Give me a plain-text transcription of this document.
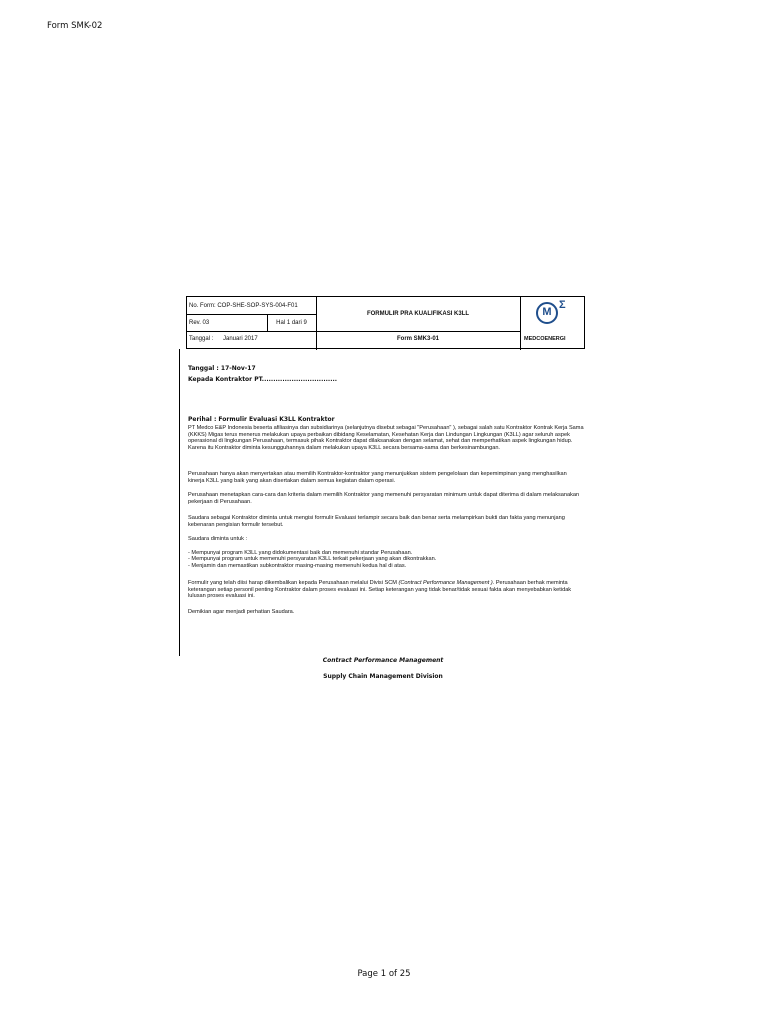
Form SMK-02
No. Form: COP-SHE-SOP-SYS-004-F01
FORMULIR PRA KUALIFIKASI K3LL
Rev. 03	Hal 1 dari 9
Tanggal : Januari 2017	Form SMK3-01
M
Σ
MEDCOENERGI
Tanggal : 17-Nov-17
Kepada Kontraktor PT.................................
Perihal : Formulir Evaluasi K3LL Kontraktor
PT Medco E&P Indonesia beserta afiliasinya dan subsidiarinya (selanjutnya disebut sebagai "Perusahaan" ), sebagai salah satu Kontraktor Kontrak Kerja Sama (KKKS) Migas terus menerus melakukan upaya perbaikan dibidang Keselamatan, Kesehatan Kerja dan Lindungan Lingkungan (K3LL) agar seluruh aspek operasional di lingkungan Perusahaan, termasuk pihak Kontraktor dapat dilaksanakan dengan selamat, sehat dan memperhatikan aspek lingkungan hidup. Karena itu Kontraktor diminta kesungguhannya dalam melakukan upaya K3LL secara bersama-sama dan berkesinambungan.
Perusahaan hanya akan menyertakan atau memilih Kontraktor-kontraktor yang menunjukkan sistem pengelolaan dan kepemimpinan yang menghasilkan kinerja K3LL yang baik yang akan disertakan dalam semua kegiatan dalam operasi.
Perusahaan menetapkan cara-cara dan kriteria dalam memilih Kontraktor yang memenuhi persyaratan minimum untuk dapat diterima di dalam melaksanakan pekerjaan di Perusahaan.
Saudara sebagai Kontraktor diminta untuk mengisi formulir Evaluasi terlampir secara baik dan benar serta melampirkan bukti dan fakta yang menunjang kebenaran pengisian formulir tersebut.
Saudara diminta untuk :
- Mempunyai program K3LL yang didokumentasi baik dan memenuhi standar Perusahaan.
- Mempunyai program untuk memenuhi persyaratan K3LL terkait pekerjaan yang akan dikontrakkan.
- Menjamin dan memastikan subkontraktor masing-masing memenuhi kedua hal di atas.
Formulir yang telah diisi harap dikembalikan kepada Perusahaan melalui Divisi SCM (Contract Performance Management ). Perusahaan berhak meminta keterangan setiap personil penting Kontraktor dalam proses evaluasi ini. Setiap keterangan yang tidak benar/tidak sesuai fakta akan menyebabkan ketidak lulusan proses evaluasi ini.
Demikian agar menjadi perhatian Saudara.
Contract Performance Management
Supply Chain Management Division
Page 1 of 25
